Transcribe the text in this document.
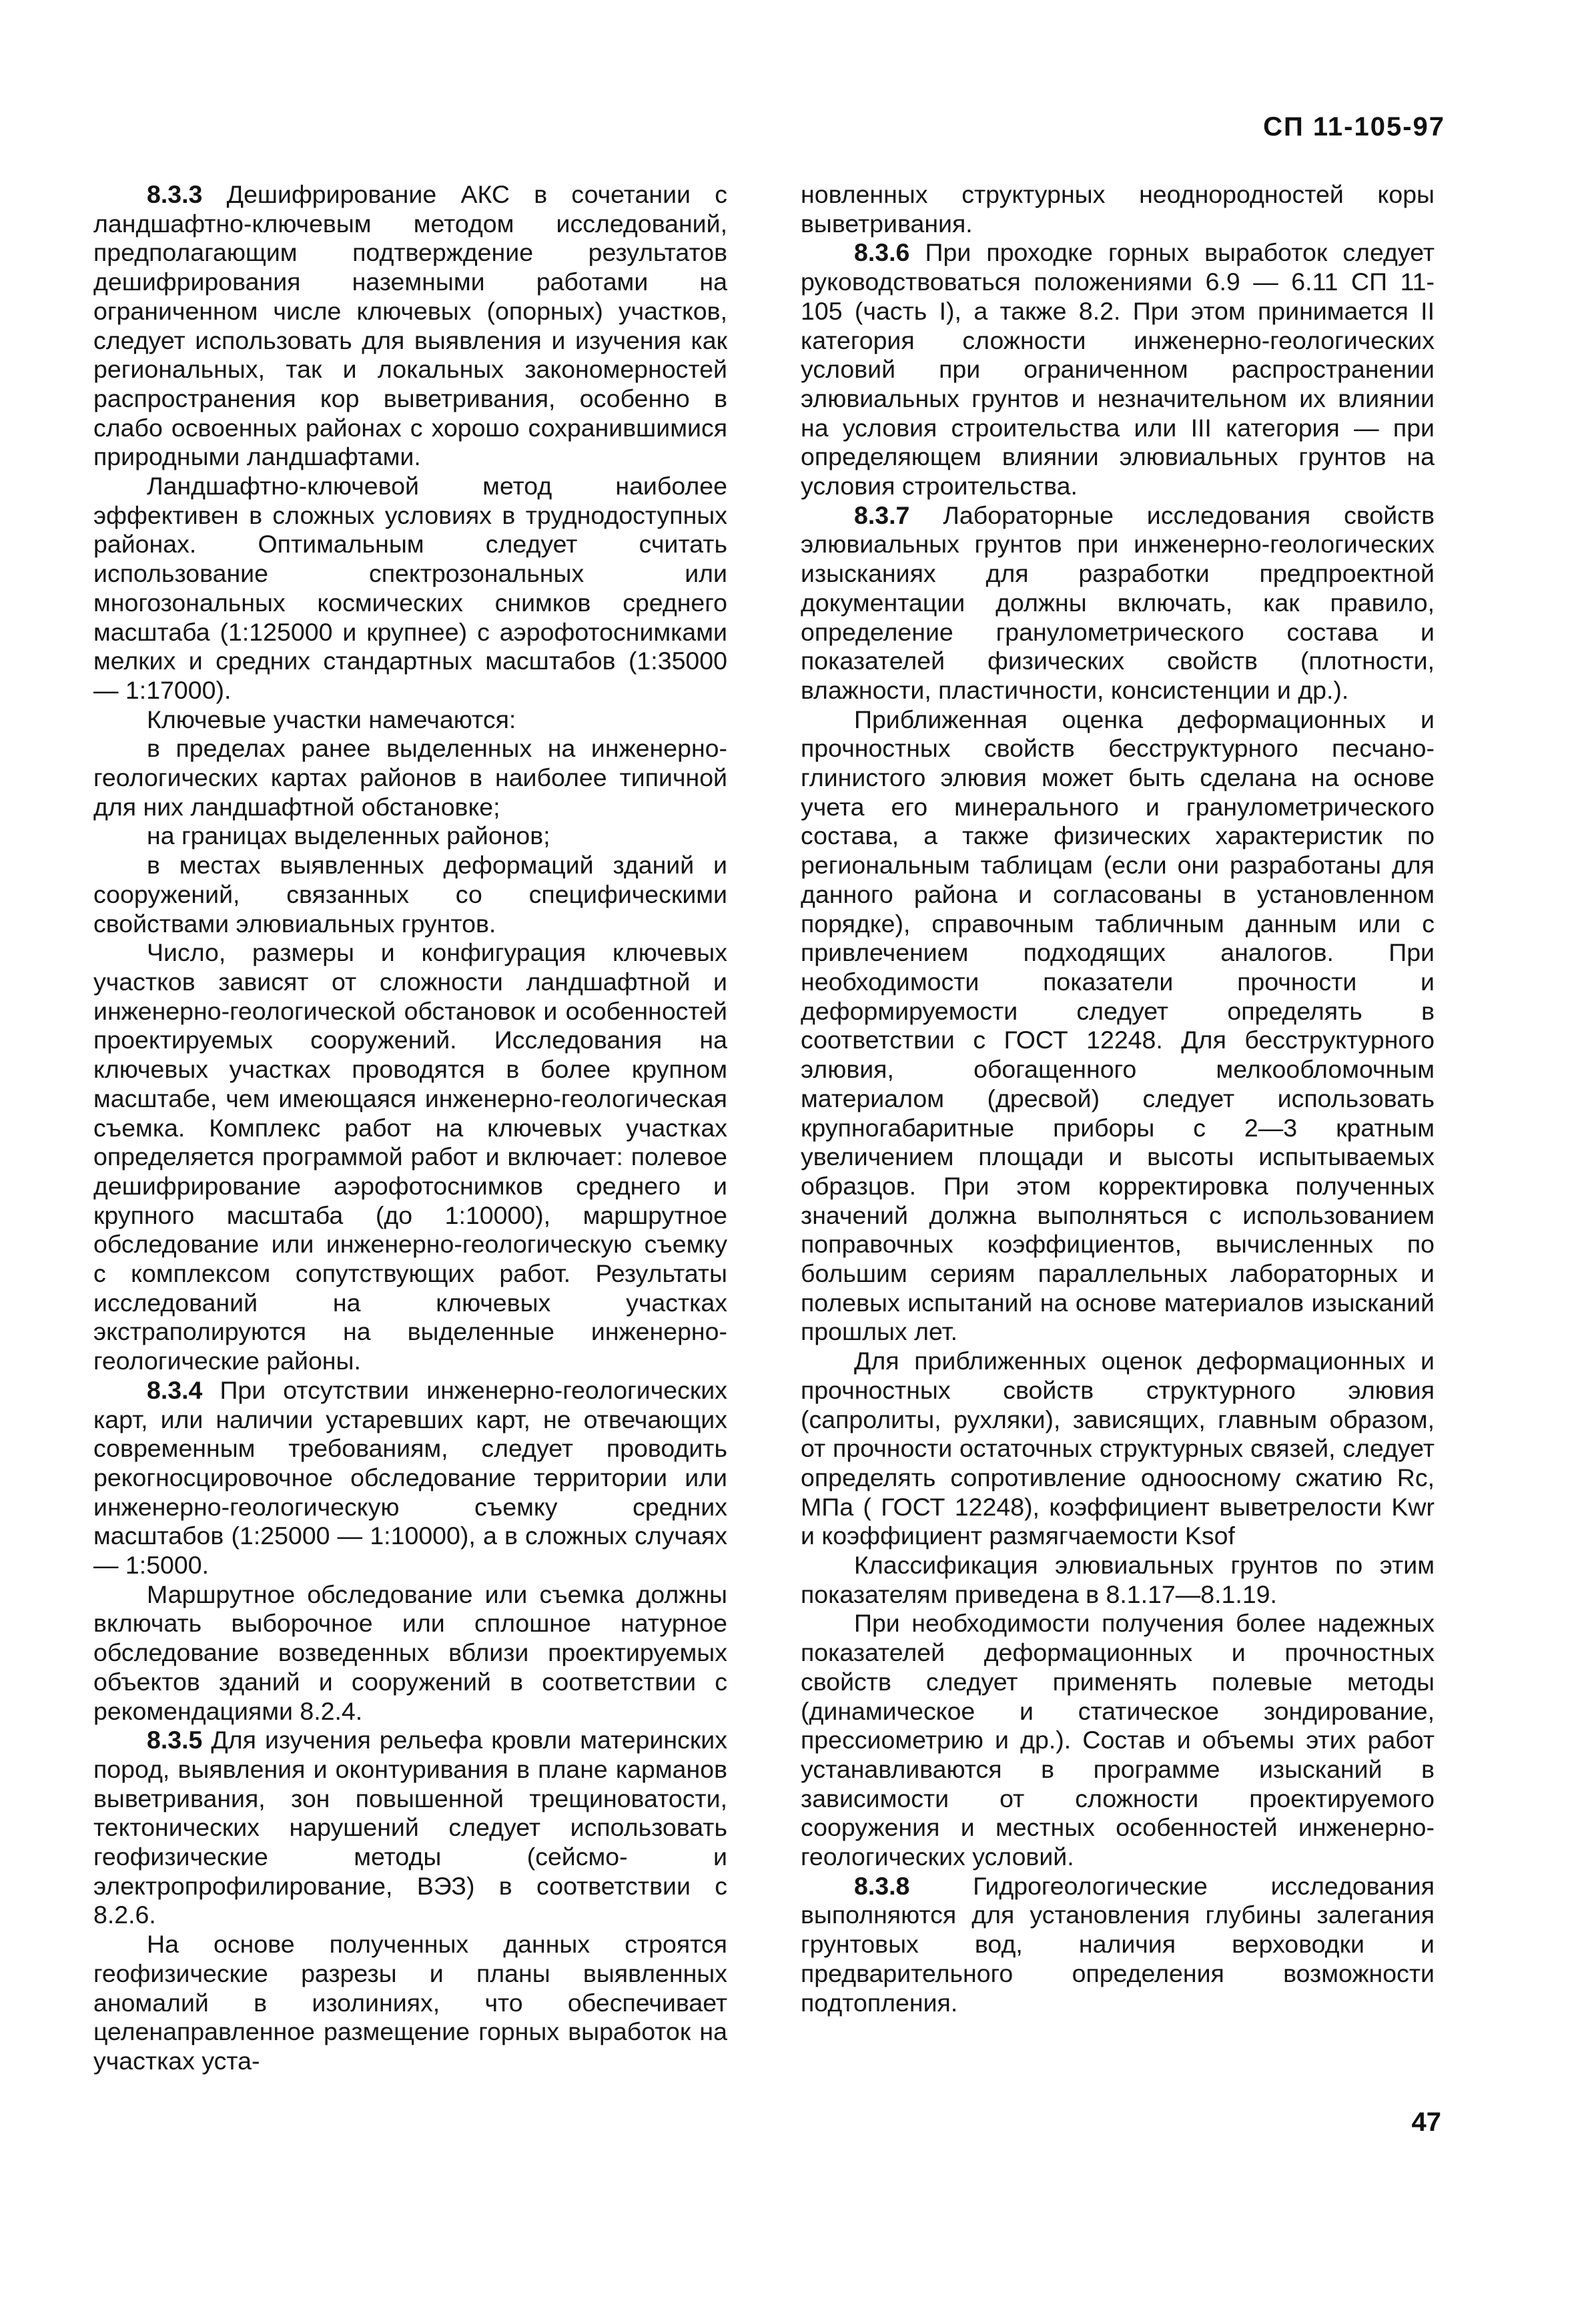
СП 11-105-97

8.3.3 Дешифрирование АКС в сочетании с ландшафтно-ключевым методом исследований, предполагающим подтверждение результатов дешифрирования наземными работами на ограниченном числе ключевых (опорных) участков, следует использовать для выявления и изучения как региональных, так и локальных закономерностей распространения кор выветривания, особенно в слабо освоенных районах с хорошо сохранившимися природными ландшафтами.

Ландшафтно-ключевой метод наиболее эффективен в сложных условиях в труднодоступных районах. Оптимальным следует считать использование спектрозональных или многозональных космических снимков среднего масштаба (1:125000 и крупнее) с аэрофотоснимками мелких и средних стандартных масштабов (1:35000 — 1:17000).

Ключевые участки намечаются:

в пределах ранее выделенных на инженерно-геологических картах районов в наиболее типичной для них ландшафтной обстановке;

на границах выделенных районов;

в местах выявленных деформаций зданий и сооружений, связанных со специфическими свойствами элювиальных грунтов.

Число, размеры и конфигурация ключевых участков зависят от сложности ландшафтной и инженерно-геологической обстановок и особенностей проектируемых сооружений. Исследования на ключевых участках проводятся в более крупном масштабе, чем имеющаяся инженерно-геологическая съемка. Комплекс работ на ключевых участках определяется программой работ и включает: полевое дешифрирование аэрофотоснимков среднего и крупного масштаба (до 1:10000), маршрутное обследование или инженерно-геологическую съемку с комплексом сопутствующих работ. Результаты исследований на ключевых участках экстраполируются на выделенные инженерно-геологические районы.

8.3.4 При отсутствии инженерно-геологических карт, или наличии устаревших карт, не отвечающих современным требованиям, следует проводить рекогносцировочное обследование территории или инженерно-геологическую съемку средних масштабов (1:25000 — 1:10000), а в сложных случаях — 1:5000.

Маршрутное обследование или съемка должны включать выборочное или сплошное натурное обследование возведенных вблизи проектируемых объектов зданий и сооружений в соответствии с рекомендациями 8.2.4.

8.3.5 Для изучения рельефа кровли материнских пород, выявления и оконтуривания в плане карманов выветривания, зон повышенной трещиноватости, тектонических нарушений следует использовать геофизические методы (сейсмо- и электропрофилирование, ВЭЗ) в соответствии с 8.2.6.

На основе полученных данных строятся геофизические разрезы и планы выявленных аномалий в изолиниях, что обеспечивает целенаправленное размещение горных выработок на участках уста-

новленных структурных неоднородностей коры выветривания.

8.3.6 При проходке горных выработок следует руководствоваться положениями 6.9 — 6.11 СП 11-105 (часть I), а также 8.2. При этом принимается II категория сложности инженерно-геологических условий при ограниченном распространении элювиальных грунтов и незначительном их влиянии на условия строительства или III категория — при определяющем влиянии элювиальных грунтов на условия строительства.

8.3.7 Лабораторные исследования свойств элювиальных грунтов при инженерно-геологических изысканиях для разработки предпроектной документации должны включать, как правило, определение гранулометрического состава и показателей физических свойств (плотности, влажности, пластичности, консистенции и др.).

Приближенная оценка деформационных и прочностных свойств бесструктурного песчано-глинистого элювия может быть сделана на основе учета его минерального и гранулометрического состава, а также физических характеристик по региональным таблицам (если они разработаны для данного района и согласованы в установленном порядке), справочным табличным данным или с привлечением подходящих аналогов. При необходимости показатели прочности и деформируемости следует определять в соответствии с ГОСТ 12248. Для бесструктурного элювия, обогащенного мелкообломочным материалом (дресвой) следует использовать крупногабаритные приборы с 2—3 кратным увеличением площади и высоты испытываемых образцов. При этом корректировка полученных значений должна выполняться с использованием поправочных коэффициентов, вычисленных по большим сериям параллельных лабораторных и полевых испытаний на основе материалов изысканий прошлых лет.

Для приближенных оценок деформационных и прочностных свойств структурного элювия (сапролиты, рухляки), зависящих, главным образом, от прочности остаточных структурных связей, следует определять сопротивление одноосному сжатию Rc, МПа ( ГОСТ 12248), коэффициент выветрелости Kwr и коэффициент размягчаемости Ksof

Классификация элювиальных грунтов по этим показателям приведена в 8.1.17—8.1.19.

При необходимости получения более надежных показателей деформационных и прочностных свойств следует применять полевые методы (динамическое и статическое зондирование, прессиометрию и др.). Состав и объемы этих работ устанавливаются в программе изысканий в зависимости от сложности проектируемого сооружения и местных особенностей инженерно-геологических условий.

8.3.8 Гидрогеологические исследования выполняются для установления глубины залегания грунтовых вод, наличия верховодки и предварительного определения возможности подтопления.

47
